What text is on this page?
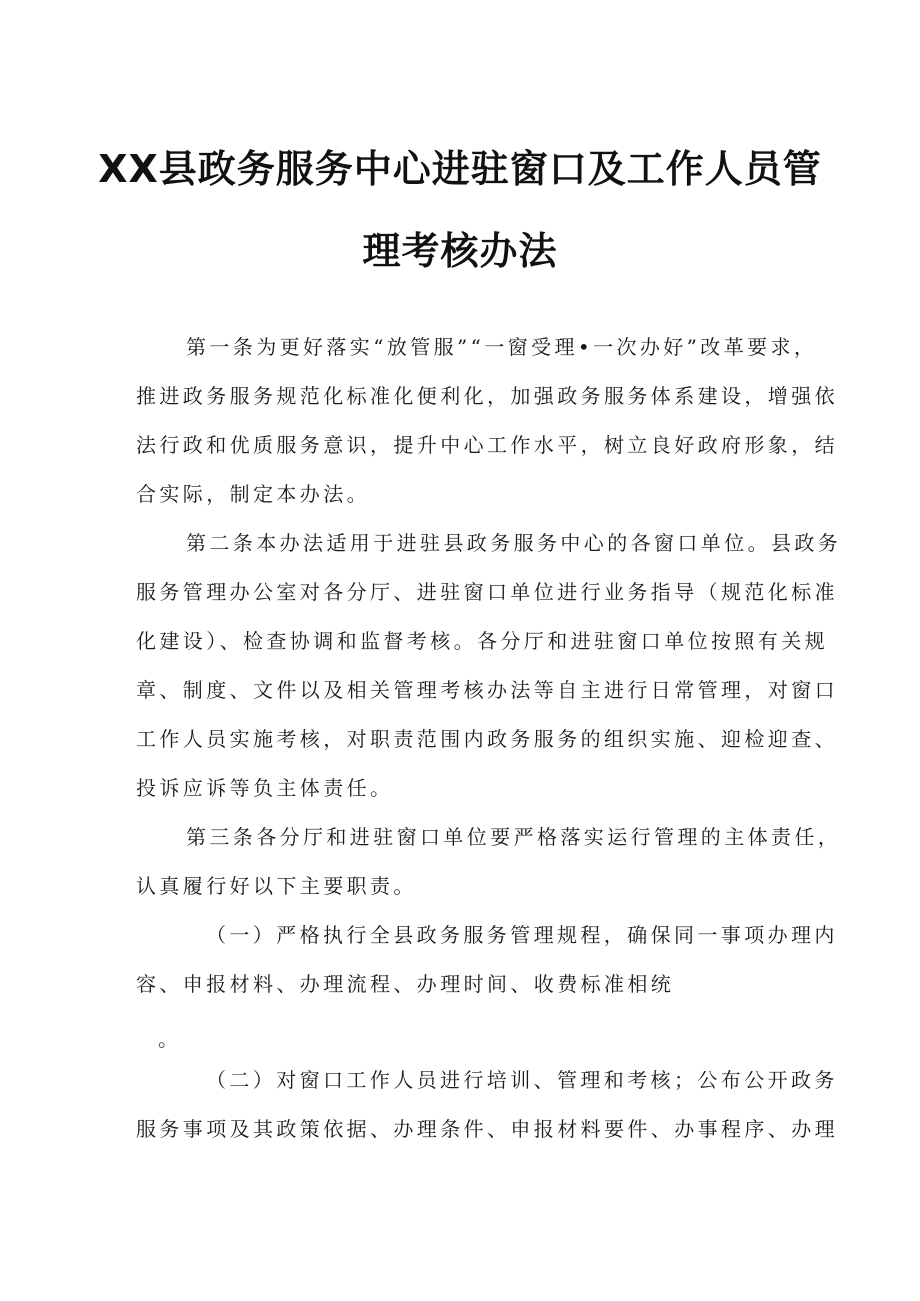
XX县政务服务中心进驻窗口及工作人员管
理考核办法
第一条为更好落实“放管服”“一窗受理•一次办好”改革要求，
推进政务服务规范化标准化便利化，加强政务服务体系建设，增强依
法行政和优质服务意识，提升中心工作水平，树立良好政府形象，结
合实际，制定本办法。
第二条本办法适用于进驻县政务服务中心的各窗口单位。县政务
服务管理办公室对各分厅、进驻窗口单位进行业务指导（规范化标准
化建设）、检查协调和监督考核。各分厅和进驻窗口单位按照有关规
章、制度、文件以及相关管理考核办法等自主进行日常管理，对窗口
工作人员实施考核，对职责范围内政务服务的组织实施、迎检迎查、
投诉应诉等负主体责任。
第三条各分厅和进驻窗口单位要严格落实运行管理的主体责任，
认真履行好以下主要职责。
（一）严格执行全县政务服务管理规程，确保同一事项办理内
容、申报材料、办理流程、办理时间、收费标准相统
。
（二）对窗口工作人员进行培训、管理和考核；公布公开政务
服务事项及其政策依据、办理条件、申报材料要件、办事程序、办理
